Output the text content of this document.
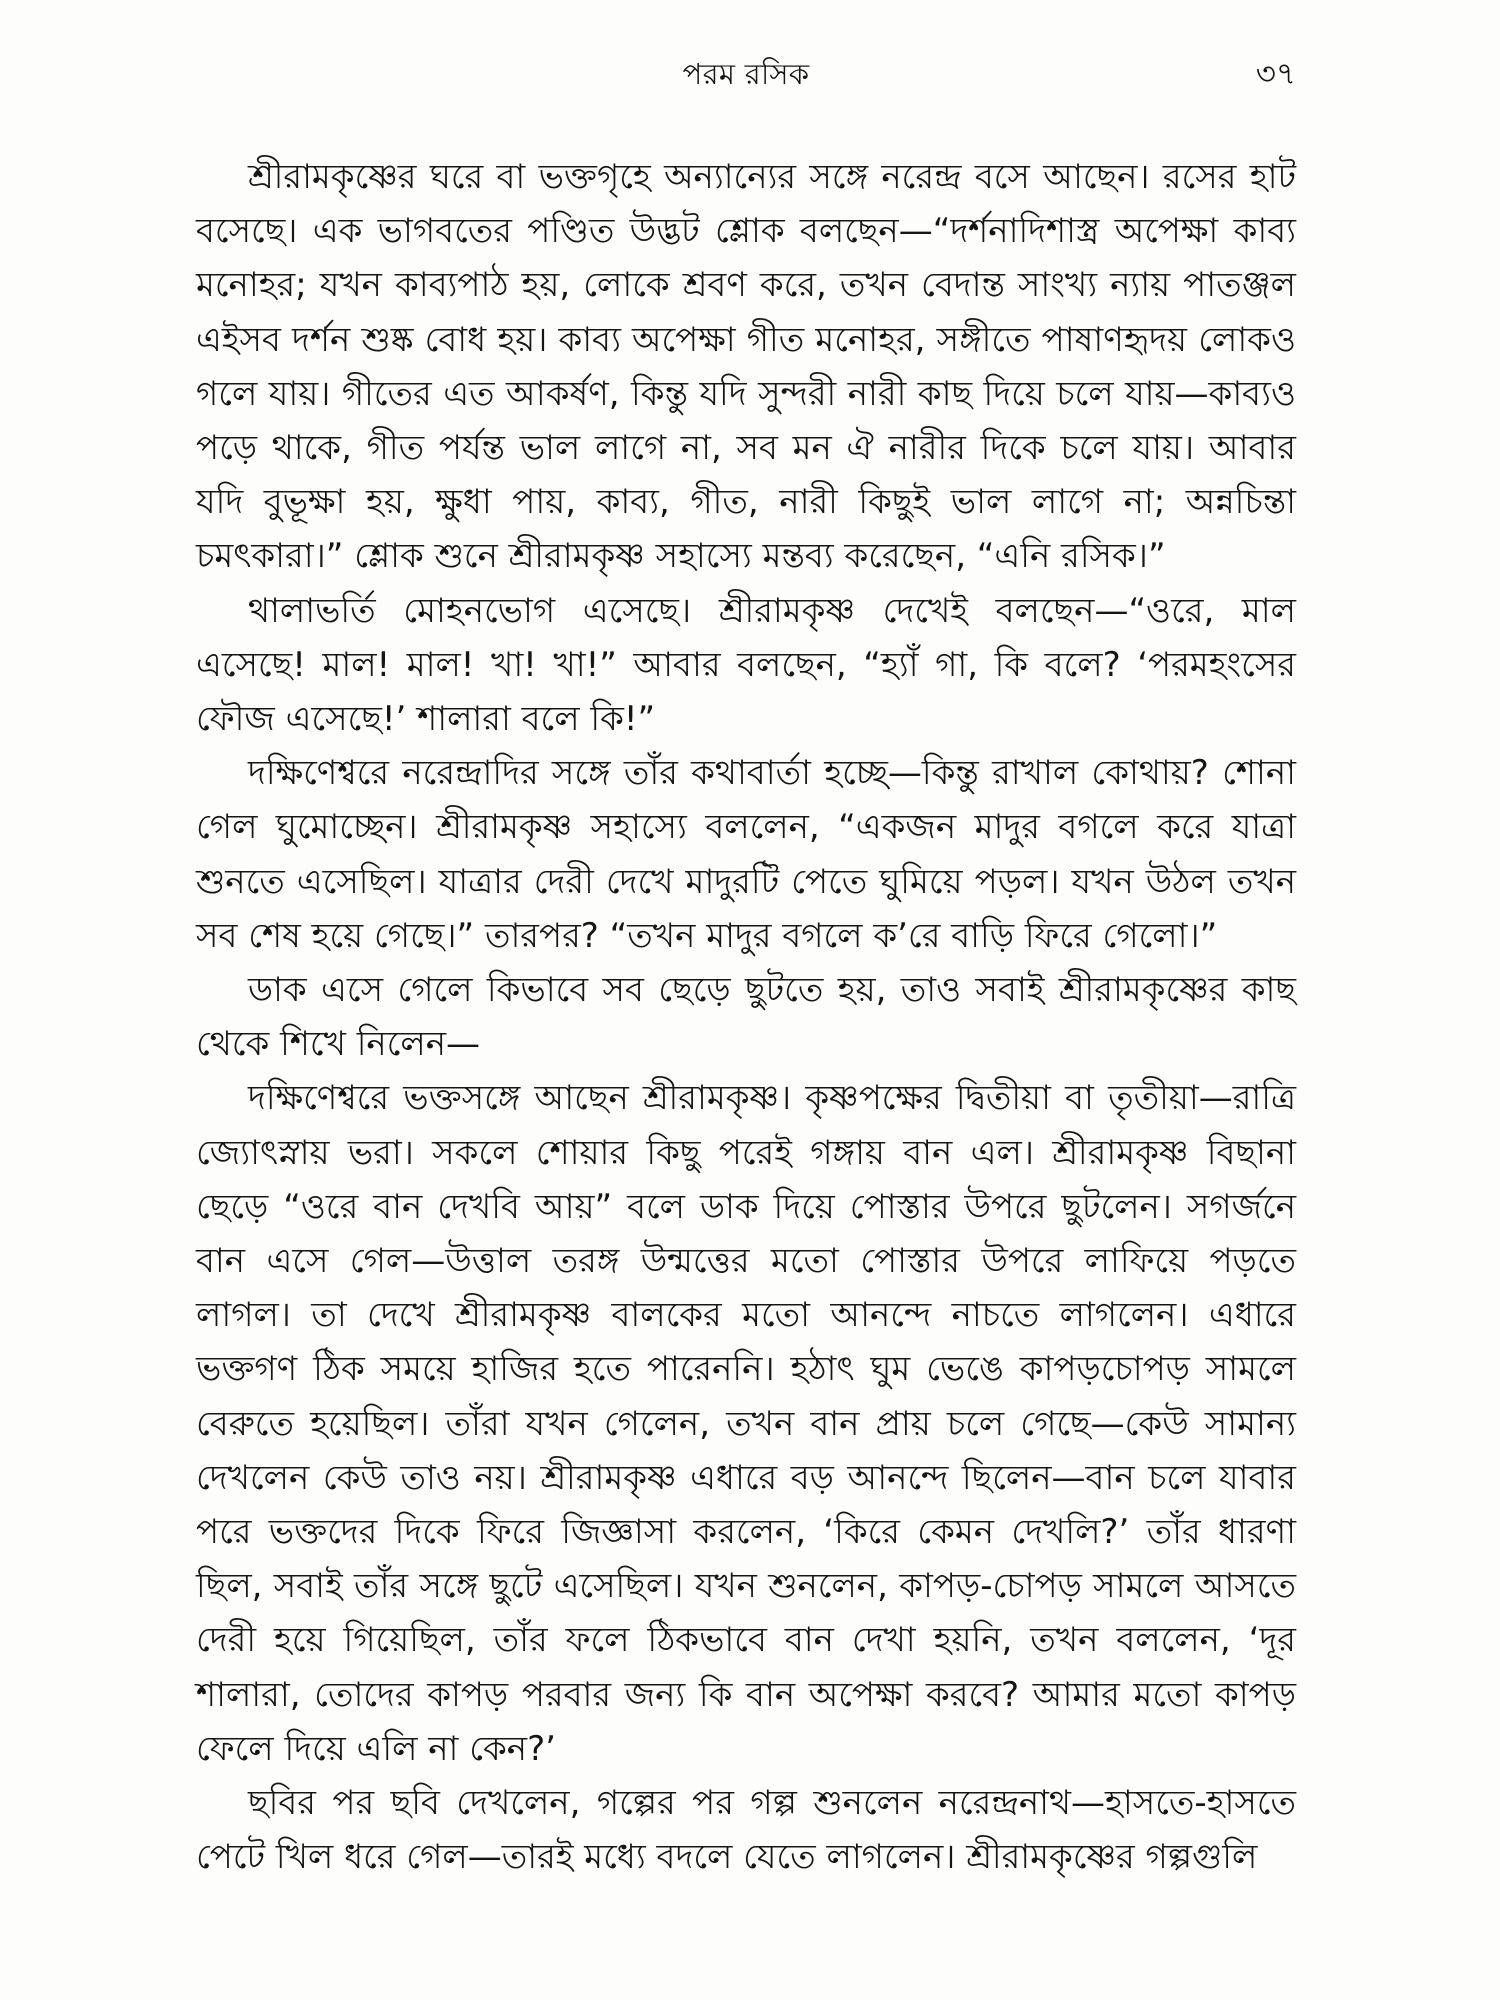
পরম রসিক	৩৭

শ্রীরামকৃষ্ণের ঘরে বা ভক্তগৃহে অন্যান্যের সঙ্গে নরেন্দ্র বসে আছেন। রসের হাট বসেছে। এক ভাগবতের পণ্ডিত উদ্ভট শ্লোক বলছেন—“দর্শনাদিশাস্ত্র অপেক্ষা কাব্য মনোহর; যখন কাব্যপাঠ হয়, লোকে শ্রবণ করে, তখন বেদান্ত সাংখ্য ন্যায় পাতঞ্জল এইসব দর্শন শুষ্ক বোধ হয়। কাব্য অপেক্ষা গীত মনোহর, সঙ্গীতে পাষাণহৃদয় লোকও গলে যায়। গীতের এত আকর্ষণ, কিন্তু যদি সুন্দরী নারী কাছ দিয়ে চলে যায়—কাব্যও পড়ে থাকে, গীত পর্যন্ত ভাল লাগে না, সব মন ঐ নারীর দিকে চলে যায়। আবার যদি বুভূক্ষা হয়, ক্ষুধা পায়, কাব্য, গীত, নারী কিছুই ভাল লাগে না; অন্নচিন্তা চমৎকারা।” শ্লোক শুনে শ্রীরামকৃষ্ণ সহাস্যে মন্তব্য করেছেন, “এনি রসিক।”

থালাভর্তি মোহনভোগ এসেছে। শ্রীরামকৃষ্ণ দেখেই বলছেন—“ওরে, মাল এসেছে! মাল! মাল! খা! খা!” আবার বলছেন, “হ্যাঁ গা, কি বলে? ‘পরমহংসের ফৌজ এসেছে!’ শালারা বলে কি!”

দক্ষিণেশ্বরে নরেন্দ্রাদির সঙ্গে তাঁর কথাবার্তা হচ্ছে—কিন্তু রাখাল কোথায়? শোনা গেল ঘুমোচ্ছেন। শ্রীরামকৃষ্ণ সহাস্যে বললেন, “একজন মাদুর বগলে করে যাত্রা শুনতে এসেছিল। যাত্রার দেরী দেখে মাদুরটি পেতে ঘুমিয়ে পড়ল। যখন উঠল তখন সব শেষ হয়ে গেছে।” তারপর? “তখন মাদুর বগলে ক’রে বাড়ি ফিরে গেলো।”

ডাক এসে গেলে কিভাবে সব ছেড়ে ছুটতে হয়, তাও সবাই শ্রীরামকৃষ্ণের কাছ থেকে শিখে নিলেন—

দক্ষিণেশ্বরে ভক্তসঙ্গে আছেন শ্রীরামকৃষ্ণ। কৃষ্ণপক্ষের দ্বিতীয়া বা তৃতীয়া—রাত্রি জ্যোৎস্নায় ভরা। সকলে শোয়ার কিছু পরেই গঙ্গায় বান এল। শ্রীরামকৃষ্ণ বিছানা ছেড়ে “ওরে বান দেখবি আয়” বলে ডাক দিয়ে পোস্তার উপরে ছুটলেন। সগর্জনে বান এসে গেল—উত্তাল তরঙ্গ উন্মত্তের মতো পোস্তার উপরে লাফিয়ে পড়তে লাগল। তা দেখে শ্রীরামকৃষ্ণ বালকের মতো আনন্দে নাচতে লাগলেন। এধারে ভক্তগণ ঠিক সময়ে হাজির হতে পারেননি। হঠাৎ ঘুম ভেঙে কাপড়চোপড় সামলে বেরুতে হয়েছিল। তাঁরা যখন গেলেন, তখন বান প্রায় চলে গেছে—কেউ সামান্য দেখলেন কেউ তাও নয়। শ্রীরামকৃষ্ণ এধারে বড় আনন্দে ছিলেন—বান চলে যাবার পরে ভক্তদের দিকে ফিরে জিজ্ঞাসা করলেন, ‘কিরে কেমন দেখলি?’ তাঁর ধারণা ছিল, সবাই তাঁর সঙ্গে ছুটে এসেছিল। যখন শুনলেন, কাপড়-চোপড় সামলে আসতে দেরী হয়ে গিয়েছিল, তাঁর ফলে ঠিকভাবে বান দেখা হয়নি, তখন বললেন, ‘দূর শালারা, তোদের কাপড় পরবার জন্য কি বান অপেক্ষা করবে? আমার মতো কাপড় ফেলে দিয়ে এলি না কেন?’

ছবির পর ছবি দেখলেন, গল্পের পর গল্প শুনলেন নরেন্দ্রনাথ—হাসতে-হাসতে পেটে খিল ধরে গেল—তারই মধ্যে বদলে যেতে লাগলেন। শ্রীরামকৃষ্ণের গল্পগুলি
